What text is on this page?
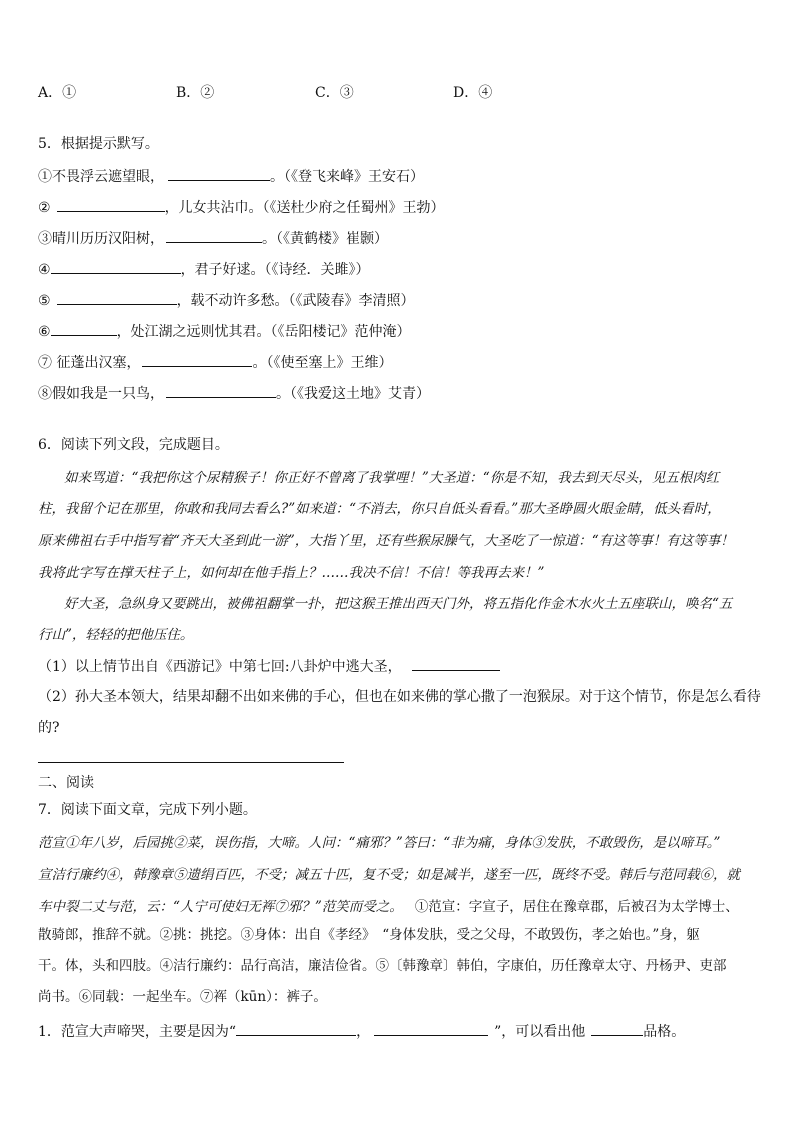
A．①	B．②	C．③	D．④
5．根据提示默写。
①不畏浮云遮望眼，	。（《登飞来峰》王安石）
②	，儿女共沾巾。（《送杜少府之任蜀州》王勃）
③晴川历历汉阳树，	。（《黄鹤楼》崔颢）
④	，君子好逑。（《诗经．关雎》）
⑤	，载不动许多愁。（《武陵春》李清照）
⑥	，处江湖之远则忧其君。（《岳阳楼记》范仲淹）
⑦ 征蓬出汉塞，	。（《使至塞上》王维）
⑧假如我是一只鸟，	。（《我爱这土地》艾青）
6．阅读下列文段，完成题目。
如来骂道：“我把你这个尿精猴子！你正好不曾离了我掌哩！”大圣道：“你是不知，我去到天尽头，见五根肉红
柱，我留个记在那里，你敢和我同去看么?”如来道：“不消去，你只自低头看看。”那大圣睁圆火眼金睛，低头看时，
原来佛祖右手中指写着“齐天大圣到此一游”，大指丫里，还有些猴尿臊气，大圣吃了一惊道：“有这等事！有这等事！
我将此字写在撑天柱子上，如何却在他手指上？……我决不信！不信！等我再去来！”
好大圣，急纵身又要跳出，被佛祖翻掌一扑，把这猴王推出西天门外，将五指化作金木水火土五座联山，唤名“五
行山”，轻轻的把他压住。
（1）以上情节出自《西游记》中第七回:八卦炉中逃大圣，
（2）孙大圣本领大，结果却翻不出如来佛的手心，但也在如来佛的掌心撒了一泡猴尿。对于这个情节，你是怎么看待
的?
二、阅读
7．阅读下面文章，完成下列小题。
范宣①年八岁，后园挑②菜，误伤指，大啼。人问：“痛邪？”答曰：“非为痛，身体③发肤，不敢毁伤，是以啼耳。”
宣洁行廉约④，韩豫章⑤遗绢百匹，不受；减五十匹，复不受；如是减半，遂至一匹，既终不受。韩后与范同载⑥，就
车中裂二丈与范，云：“人宁可使妇无裈⑦邪？”范笑而受之。 ①范宣：字宣子，居住在豫章郡，后被召为太学博士、
散骑郎，推辞不就。②挑：挑挖。③身体：出自《孝经》　“身体发肤，受之父母，不敢毁伤，孝之始也。”身，躯
干。体，头和四肢。④洁行廉约：品行高洁，廉洁俭省。⑤〔韩豫章〕韩伯，字康伯，历任豫章太守、丹杨尹、吏部
尚书。⑥同载：一起坐车。⑦裈（kūn）：裤子。
1．范宣大声啼哭，主要是因为“	，	”，可以看出他	品格。
